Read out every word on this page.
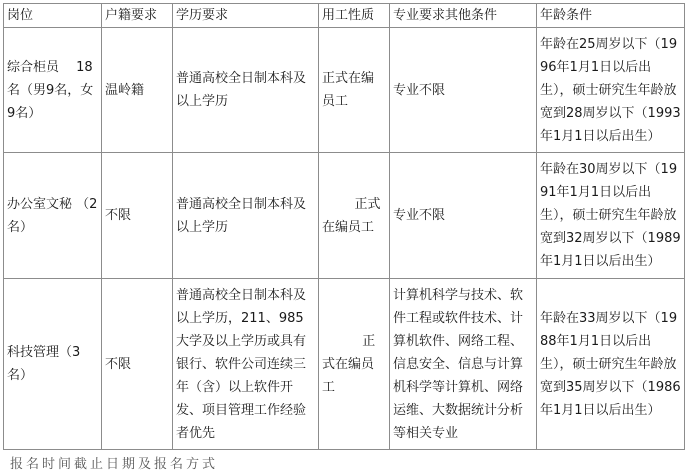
岗位	户籍要求	学历要求	用工性质	专业要求其他条件	年龄条件

综合柜员　 18名（男9名，女9名）	温岭籍	普通高校全日制本科及以上学历	正式在编员工	专业不限	年龄在25周岁以下（1996年1月1日以后出生），硕士研究生年龄放宽到28周岁以下（1993年1月1日以后出生）

办公室文秘 （2名）	不限	普通高校全日制本科及以上学历	正式在编员工	专业不限	年龄在30周岁以下（1991年1月1日以后出生），硕士研究生年龄放宽到32周岁以下（1989年1月1日以后出生）

科技管理（3名）	不限	普通高校全日制本科及以上学历，211、985大学及以上学历或具有银行、软件公司连续三年（含）以上软件开发、项目管理工作经验者优先	正式在编员工	计算机科学与技术、软件工程或软件技术、计算机软件、网络工程、信息安全、信息与计算机科学等计算机、网络运维、大数据统计分析等相关专业	年龄在33周岁以下（1988年1月1日以后出生），硕士研究生年龄放宽到35周岁以下（1986年1月1日以后出生）
报名时间截止日期及报名方式
